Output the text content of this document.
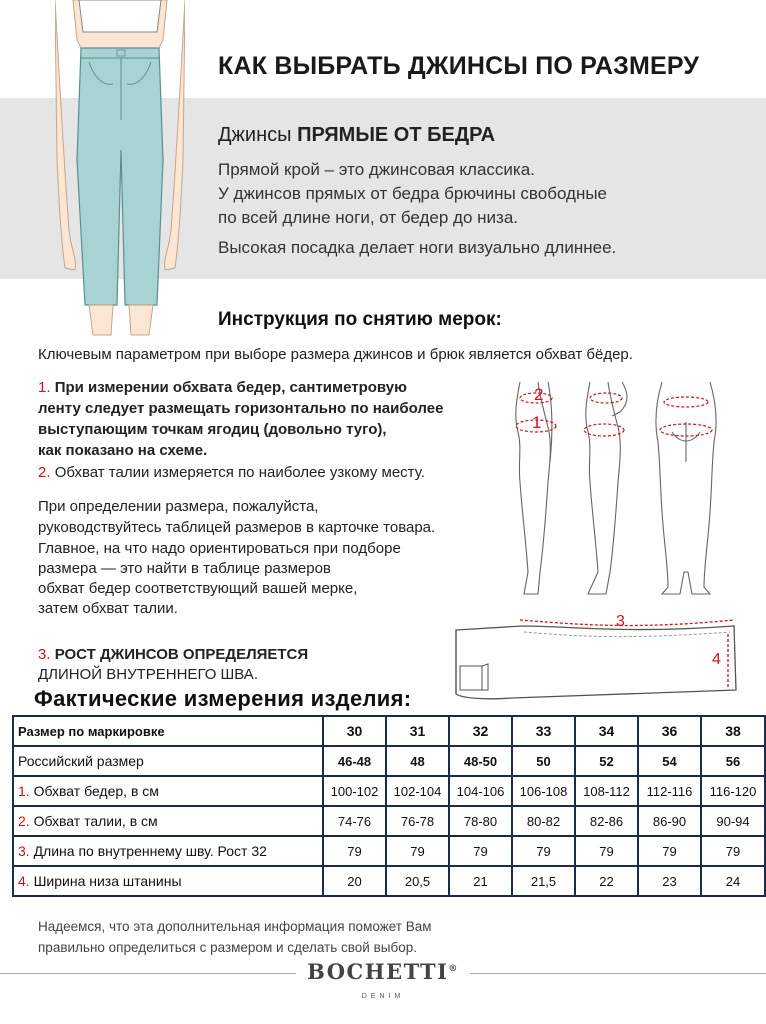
КАК ВЫБРАТЬ ДЖИНСЫ ПО РАЗМЕРУ
Джинсы ПРЯМЫЕ ОТ БЕДРА
Прямой крой – это джинсовая классика.
У джинсов прямых от бедра брючины свободные
по всей длине ноги, от бедер до низа.
Высокая посадка делает ноги визуально длиннее.
Инструкция по снятию мерок:
Ключевым параметром при выборе размера джинсов и брюк является обхват бёдер.
1. При измерении обхвата бедер, сантиметровую
ленту следует размещать горизонтально по наиболее
выступающим точкам ягодиц (довольно туго),
как показано на схеме.
2. Обхват талии измеряется по наиболее узкому месту.
При определении размера, пожалуйста,
руководствуйтесь таблицей размеров в карточке товара.
Главное, на что надо ориентироваться при подборе
размера — это найти в таблице размеров
обхват бедер соответствующий вашей мерке,
затем обхват талии.
3. РОСТ ДЖИНСОВ ОПРЕДЕЛЯЕТСЯ
ДЛИНОЙ ВНУТРЕННЕГО ШВА.
2
1
3
4
Фактические измерения изделия:
Размер по маркировке	30	31	32	33	34	36	38
Российский размер	46-48	48	48-50	50	52	54	56
1. Обхват бедер, в см	100-102	102-104	104-106	106-108	108-112	112-116	116-120
2. Обхват талии, в см	74-76	76-78	78-80	80-82	82-86	86-90	90-94
3. Длина по внутреннему шву. Рост 32	79	79	79	79	79	79	79
4. Ширина низа штанины	20	20,5	21	21,5	22	23	24
Надеемся, что эта дополнительная информация поможет Вам
правильно определиться с размером и сделать свой выбор.
BOCHETTI®
DENIM
